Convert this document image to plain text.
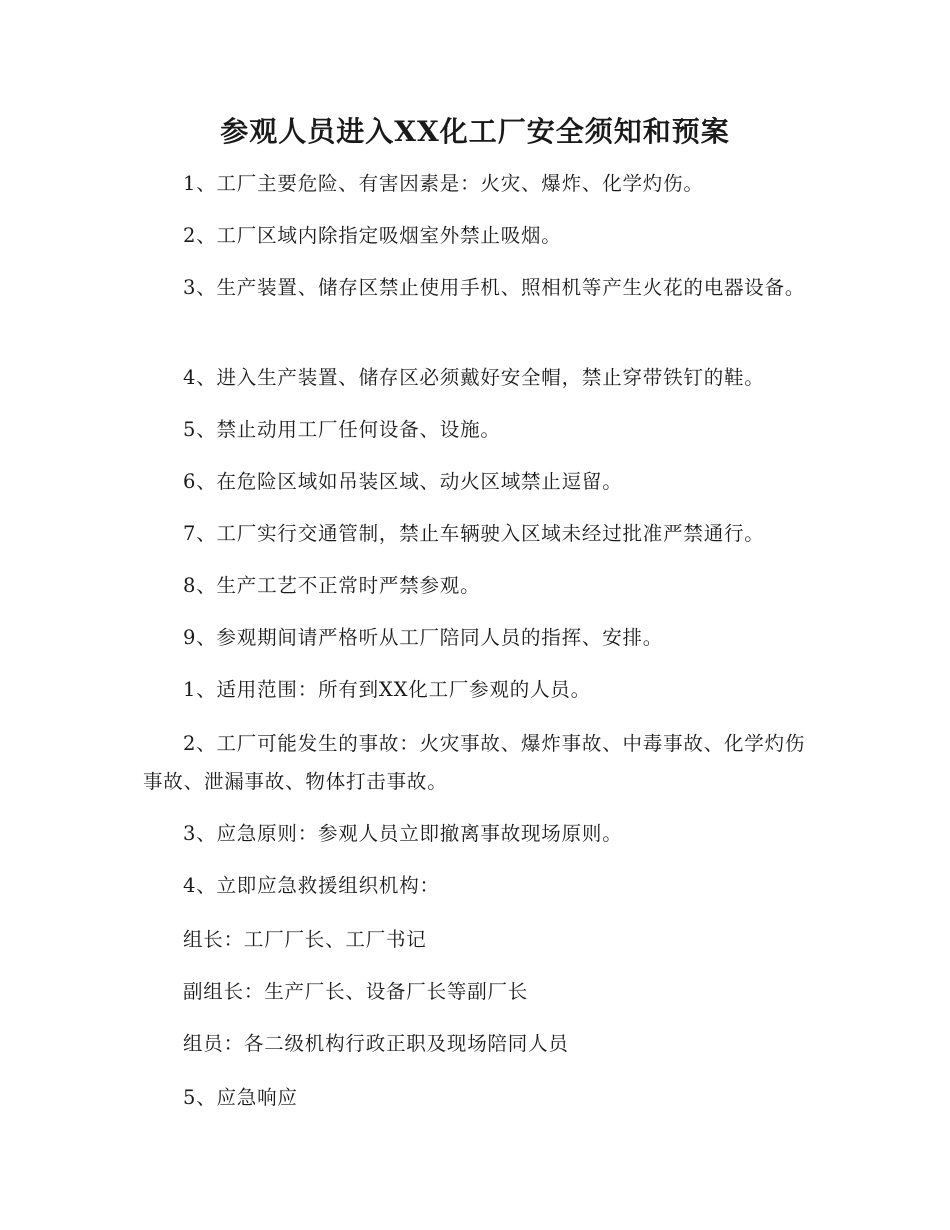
参观人员进入XX化工厂安全须知和预案

1、工厂主要危险、有害因素是：火灾、爆炸、化学灼伤。

2、工厂区域内除指定吸烟室外禁止吸烟。

3、生产装置、储存区禁止使用手机、照相机等产生火花的电器设备。

4、进入生产装置、储存区必须戴好安全帽，禁止穿带铁钉的鞋。

5、禁止动用工厂任何设备、设施。

6、在危险区域如吊装区域、动火区域禁止逗留。

7、工厂实行交通管制，禁止车辆驶入区域未经过批准严禁通行。

8、生产工艺不正常时严禁参观。

9、参观期间请严格听从工厂陪同人员的指挥、安排。

1、适用范围：所有到XX化工厂参观的人员。

2、工厂可能发生的事故：火灾事故、爆炸事故、中毒事故、化学灼伤事故、泄漏事故、物体打击事故。

3、应急原则：参观人员立即撤离事故现场原则。

4、立即应急救援组织机构：

组长：工厂厂长、工厂书记

副组长：生产厂长、设备厂长等副厂长

组员：各二级机构行政正职及现场陪同人员

5、应急响应
